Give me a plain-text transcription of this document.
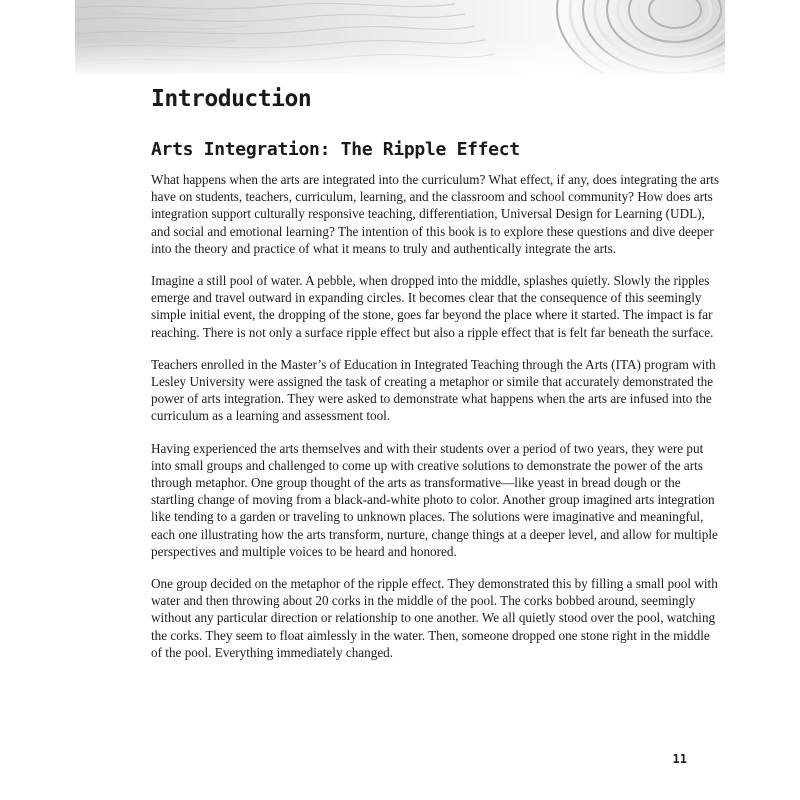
Introduction
Arts Integration: The Ripple Effect

What happens when the arts are integrated into the curriculum? What effect, if any, does integrating the arts have on students, teachers, curriculum, learning, and the classroom and school community? How does arts integration support culturally responsive teaching, differentiation, Universal Design for Learning (UDL), and social and emotional learning? The intention of this book is to explore these questions and dive deeper into the theory and practice of what it means to truly and authentically integrate the arts.

Imagine a still pool of water. A pebble, when dropped into the middle, splashes quietly. Slowly the ripples emerge and travel outward in expanding circles. It becomes clear that the consequence of this seemingly simple initial event, the dropping of the stone, goes far beyond the place where it started. The impact is far reaching. There is not only a surface ripple effect but also a ripple effect that is felt far beneath the surface.

Teachers enrolled in the Master’s of Education in Integrated Teaching through the Arts (ITA) program with Lesley University were assigned the task of creating a metaphor or simile that accurately demonstrated the power of arts integration. They were asked to demonstrate what happens when the arts are infused into the curriculum as a learning and assessment tool.

Having experienced the arts themselves and with their students over a period of two years, they were put into small groups and challenged to come up with creative solutions to demonstrate the power of the arts through metaphor. One group thought of the arts as transformative—like yeast in bread dough or the startling change of moving from a black-and-white photo to color. Another group imagined arts integration like tending to a garden or traveling to unknown places. The solutions were imaginative and meaningful, each one illustrating how the arts transform, nurture, change things at a deeper level, and allow for multiple perspectives and multiple voices to be heard and honored.

One group decided on the metaphor of the ripple effect. They demonstrated this by filling a small pool with water and then throwing about 20 corks in the middle of the pool. The corks bobbed around, seemingly without any particular direction or relationship to one another. We all quietly stood over the pool, watching the corks. They seem to float aimlessly in the water. Then, someone dropped one stone right in the middle of the pool. Everything immediately changed.

11
